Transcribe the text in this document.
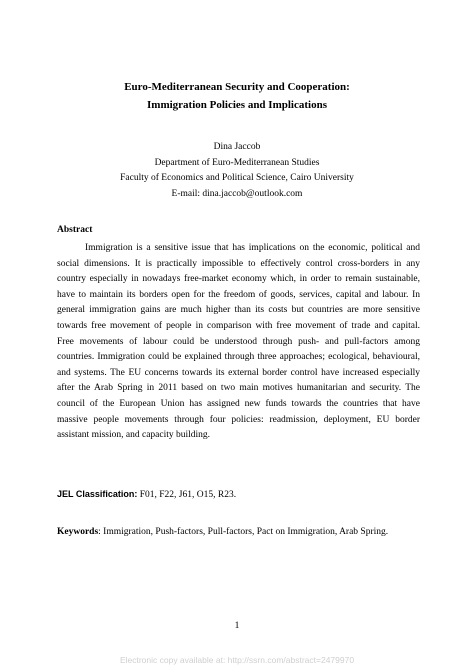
Euro-Mediterranean Security and Cooperation:
Immigration Policies and Implications
Dina Jaccob
Department of Euro-Mediterranean Studies
Faculty of Economics and Political Science, Cairo University
E-mail: dina.jaccob@outlook.com
Abstract
Immigration is a sensitive issue that has implications on the economic, political and
social dimensions. It is practically impossible to effectively control cross-borders in any
country especially in nowadays free-market economy which, in order to remain sustainable,
have to maintain its borders open for the freedom of goods, services, capital and labour. In
general immigration gains are much higher than its costs but countries are more sensitive
towards free movement of people in comparison with free movement of trade and capital.
Free movements of labour could be understood through push- and pull-factors among
countries. Immigration could be explained through three approaches; ecological, behavioural,
and systems. The EU concerns towards its external border control have increased especially
after the Arab Spring in 2011 based on two main motives humanitarian and security. The
council of the European Union has assigned new funds towards the countries that have
massive people movements through four policies: readmission, deployment, EU border
assistant mission, and capacity building.
JEL Classification: F01, F22, J61, O15, R23.
Keywords: Immigration, Push-factors, Pull-factors, Pact on Immigration, Arab Spring.
1
Electronic copy available at: http://ssrn.com/abstract=2479970
